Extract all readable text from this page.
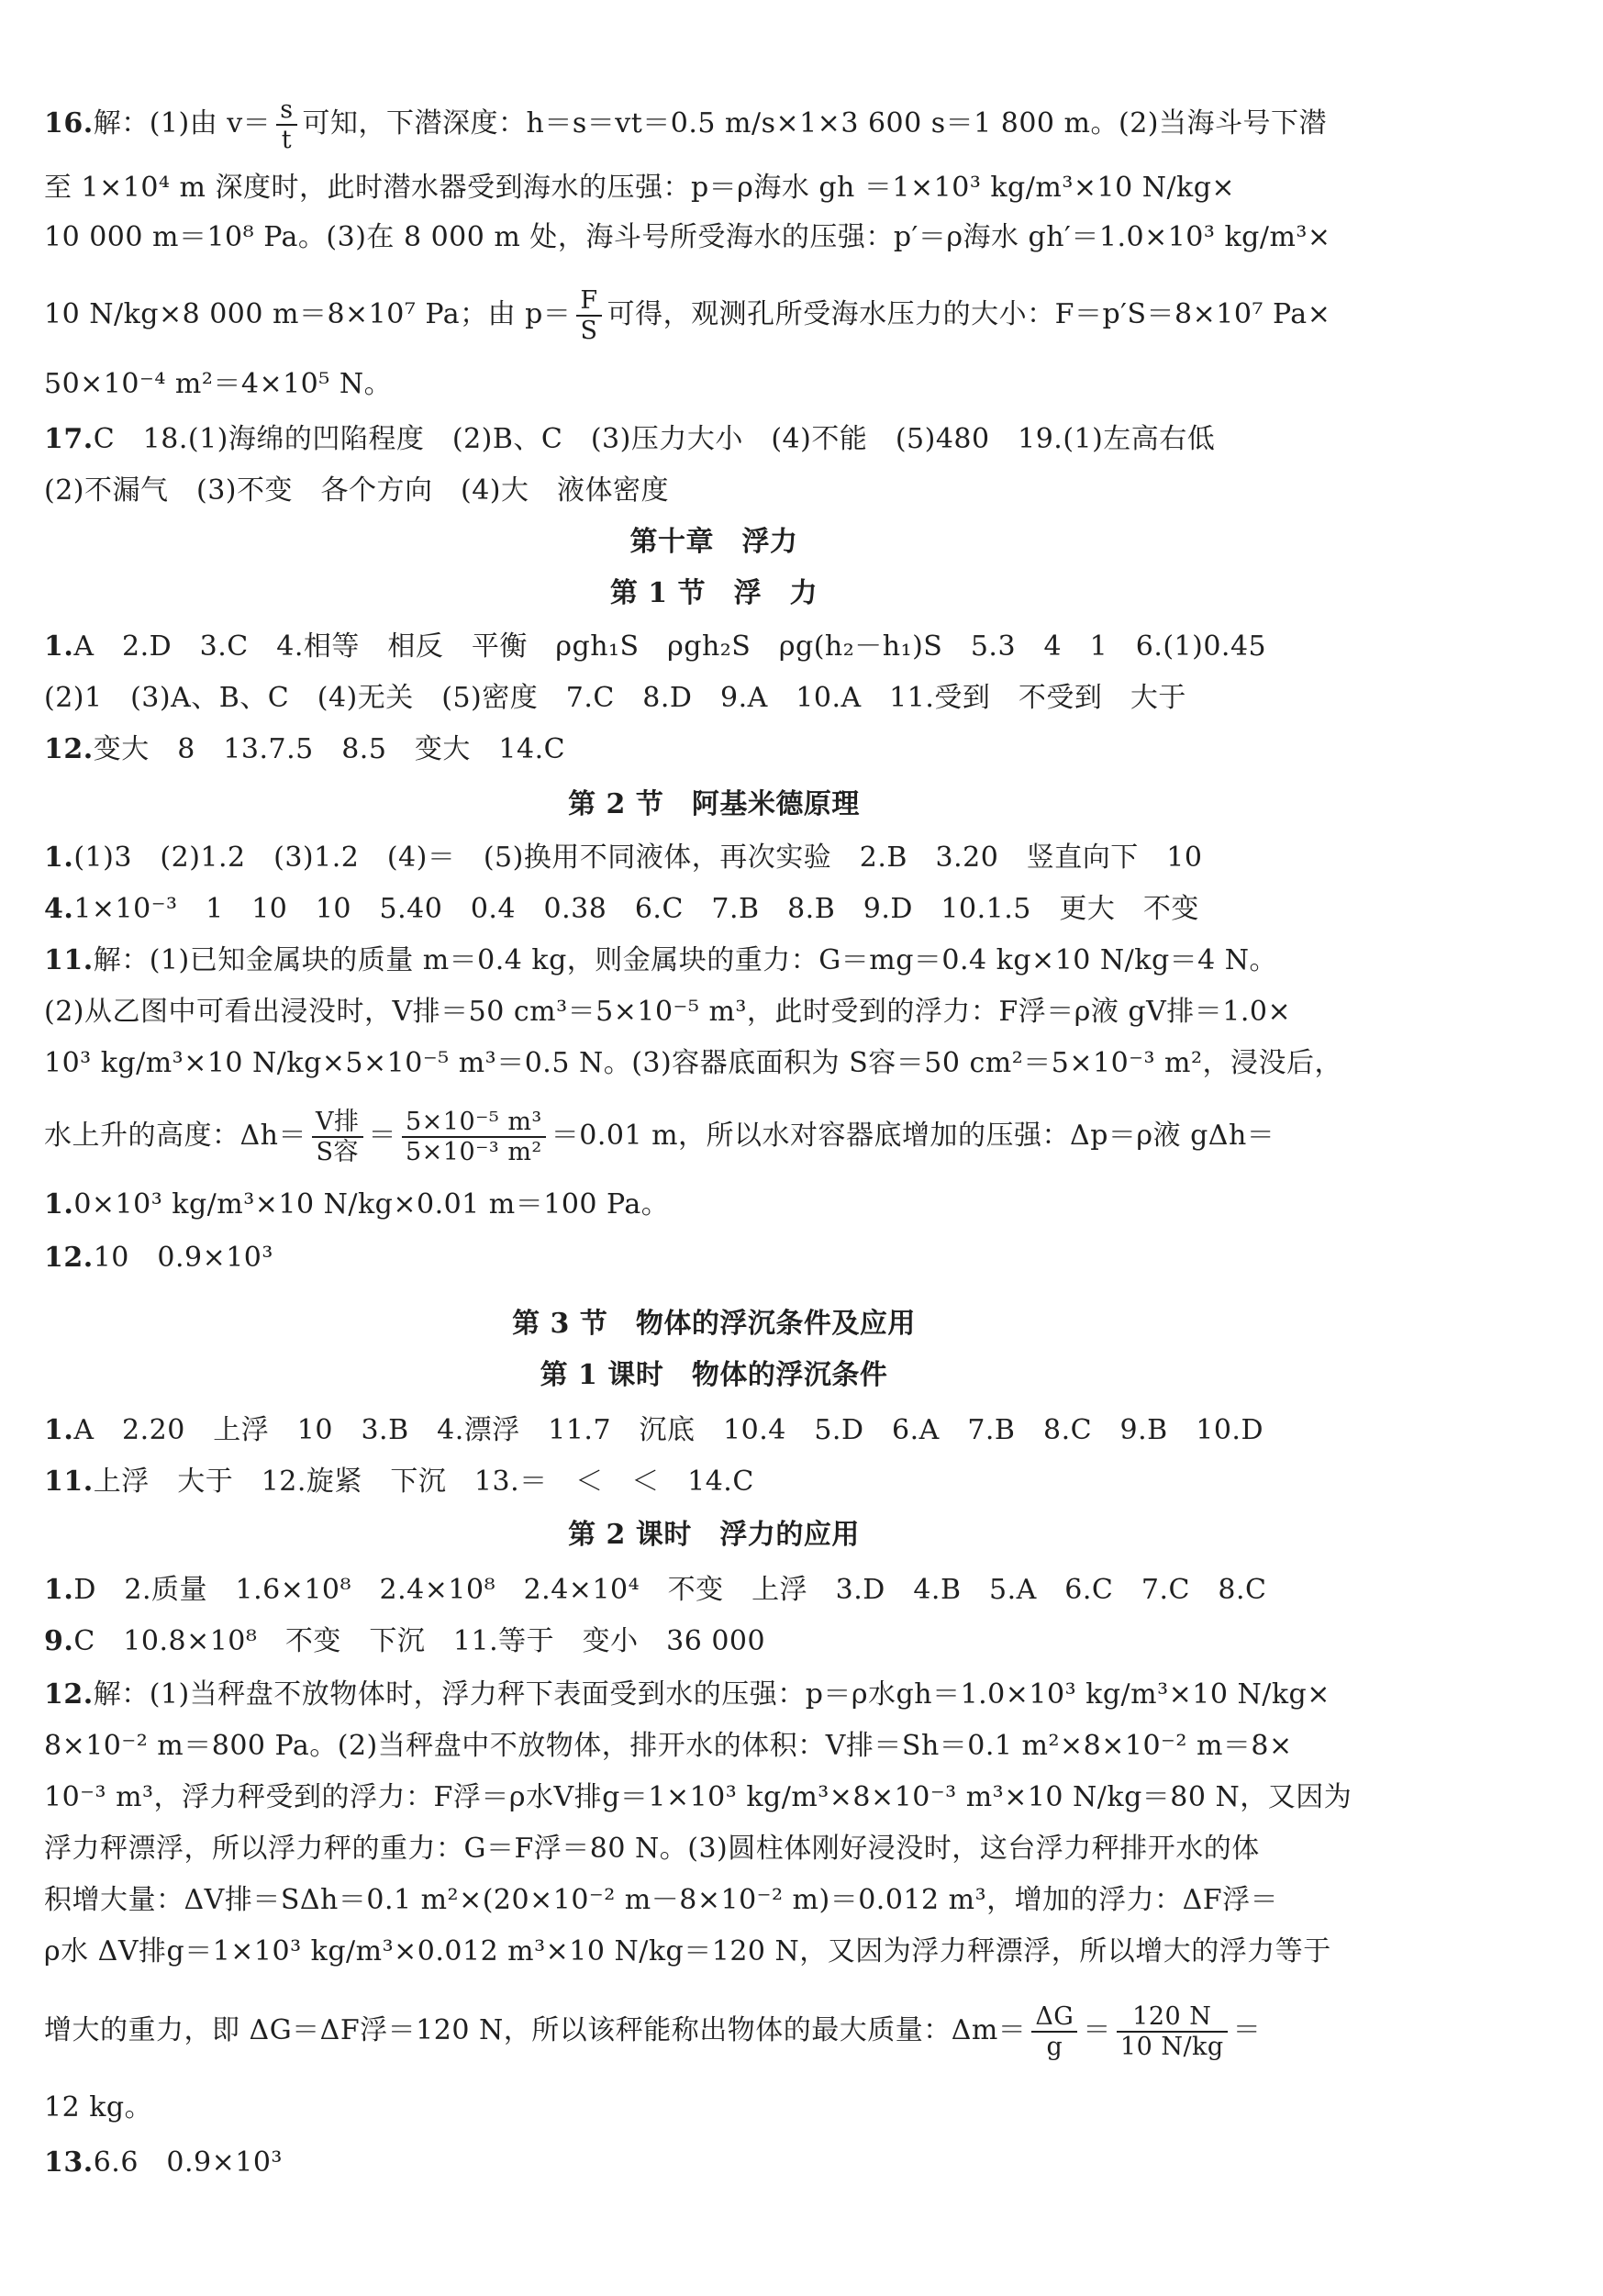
16.解：(1)由 $v= \frac{s}{t}$ 可知，下潜深度：h＝s＝vt＝0.5 m/s×1×3 600 s＝1 800 m。(2)当海斗号下潜
至 1×10⁴ m 深度时，此时潜水器受到海水的压强：p＝ρ海水 gh ＝1×10³ kg/m³×10 N/kg×
10 000 m＝10⁸ Pa。(3)在 8 000 m 处，海斗号所受海水的压强：p′＝ρ海水 gh′＝1.0×10³ kg/m³×
10 N/kg×8 000 m＝8×10⁷ Pa；由 $p= \frac{F}{S}$ 可得，观测孔所受海水压力的大小：F＝p′S＝8×10⁷ Pa×
50×10⁻⁴ m²＝4×10⁵ N。
17.C　18.(1)海绵的凹陷程度　(2)B、C　(3)压力大小　(4)不能　(5)480　19.(1)左高右低
(2)不漏气　(3)不变　各个方向　(4)大　液体密度
第十章　浮力
第 1 节　浮　力
1.A　2.D　3.C　4.相等　相反　平衡　ρgh₁S　ρgh₂S　ρg(h₂－h₁)S　5.3　4　1　6.(1)0.45
(2)1　(3)A、B、C　(4)无关　(5)密度　7.C　8.D　9.A　10.A　11.受到　不受到　大于
12.变大　8　13.7.5　8.5　变大　14.C
第 2 节　阿基米德原理
1.(1)3　(2)1.2　(3)1.2　(4)＝　(5)换用不同液体，再次实验　2.B　3.20　竖直向下　10
4.1×10⁻³　1　10　10　5.40　0.4　0.38　6.C　7.B　8.B　9.D　10.1.5　更大　不变
11.解：(1)已知金属块的质量 m＝0.4 kg，则金属块的重力：G＝mg＝0.4 kg×10 N/kg＝4 N。
(2)从乙图中可看出浸没时，V排＝50 cm³＝5×10⁻⁵ m³，此时受到的浮力：F浮＝ρ液 gV排＝1.0×
10³ kg/m³×10 N/kg×5×10⁻⁵ m³＝0.5 N。(3)容器底面积为 S容＝50 cm²＝5×10⁻³ m²，浸没后，
水上升的高度：$\Delta h= \frac{\text{V排}}{\text{S容}} = \frac{\text{5×10⁻⁵ m³}}{\text{5×10⁻³ m²}} =0.01$ m，所以水对容器底增加的压强：Δp＝ρ液 gΔh＝
1.0×10³ kg/m³×10 N/kg×0.01 m＝100 Pa。
12.10　0.9×10³
第 3 节　物体的浮沉条件及应用
第 1 课时　物体的浮沉条件
1.A　2.20　上浮　10　3.B　4.漂浮　11.7　沉底　10.4　5.D　6.A　7.B　8.C　9.B　10.D
11.上浮　大于　12.旋紧　下沉　13.＝　＜　＜　14.C
第 2 课时　浮力的应用
1.D　2.质量　1.6×10⁸　2.4×10⁸　2.4×10⁴　不变　上浮　3.D　4.B　5.A　6.C　7.C　8.C
9.C　10.8×10⁸　不变　下沉　11.等于　变小　36 000
12.解：(1)当秤盘不放物体时，浮力秤下表面受到水的压强：p＝ρ水gh＝1.0×10³ kg/m³×10 N/kg×
8×10⁻² m＝800 Pa。(2)当秤盘中不放物体，排开水的体积：V排＝Sh＝0.1 m²×8×10⁻² m＝8×
10⁻³ m³，浮力秤受到的浮力：F浮＝ρ水V排g＝1×10³ kg/m³×8×10⁻³ m³×10 N/kg＝80 N，又因为
浮力秤漂浮，所以浮力秤的重力：G＝F浮＝80 N。(3)圆柱体刚好浸没时，这台浮力秤排开水的体
积增大量：ΔV排＝SΔh＝0.1 m²×(20×10⁻² m－8×10⁻² m)＝0.012 m³，增加的浮力：ΔF浮＝
ρ水 ΔV排g＝1×10³ kg/m³×0.012 m³×10 N/kg＝120 N，又因为浮力秤漂浮，所以增大的浮力等于
增大的重力，即 ΔG＝ΔF浮＝120 N，所以该秤能称出物体的最大质量：$\Delta m= \frac{\Delta G}{g} = \frac{120 N}{10 N/kg}$ ＝
12 kg。
13.6.6　0.9×10³
